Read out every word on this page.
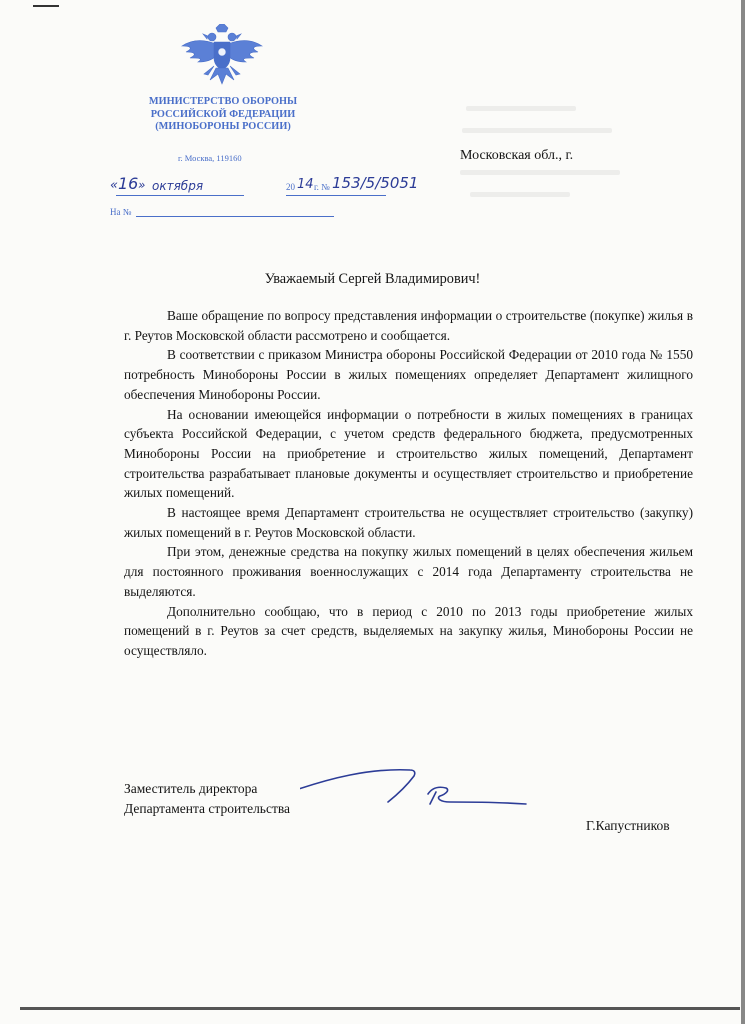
МИНИСТЕРСТВО ОБОРОНЫ
РОССИЙСКОЙ ФЕДЕРАЦИИ
(МИНОБОРОНЫ РОССИИ)
г. Москва, 119160
« 16 » октября	20 14 г. № 153/5/5051
На №
Московская обл., г.
Уважаемый Сергей Владимирович!

Ваше обращение по вопросу представления информации о строительстве (покупке) жилья в г. Реутов Московской области рассмотрено и сообщается.

В соответствии с приказом Министра обороны Российской Федерации от 2010 года № 1550 потребность Минобороны России в жилых помещениях определяет Департамент жилищного обеспечения Минобороны России.

На основании имеющейся информации о потребности в жилых помещениях в границах субъекта Российской Федерации, с учетом средств федерального бюджета, предусмотренных Минобороны России на приобретение и строительство жилых помещений, Департамент строительства разрабатывает плановые документы и осуществляет строительство и приобретение жилых помещений.

В настоящее время Департамент строительства не осуществляет строительство (закупку) жилых помещений в г. Реутов Московской области.

При этом, денежные средства на покупку жилых помещений в целях обеспечения жильем для постоянного проживания военнослужащих с 2014 года Департаменту строительства не выделяются.

Дополнительно сообщаю, что в период с 2010 по 2013 годы приобретение жилых помещений в г. Реутов за счет средств, выделяемых на закупку жилья, Минобороны России не осуществляло.

Заместитель директора
Департамента строительства
Г.Капустников
